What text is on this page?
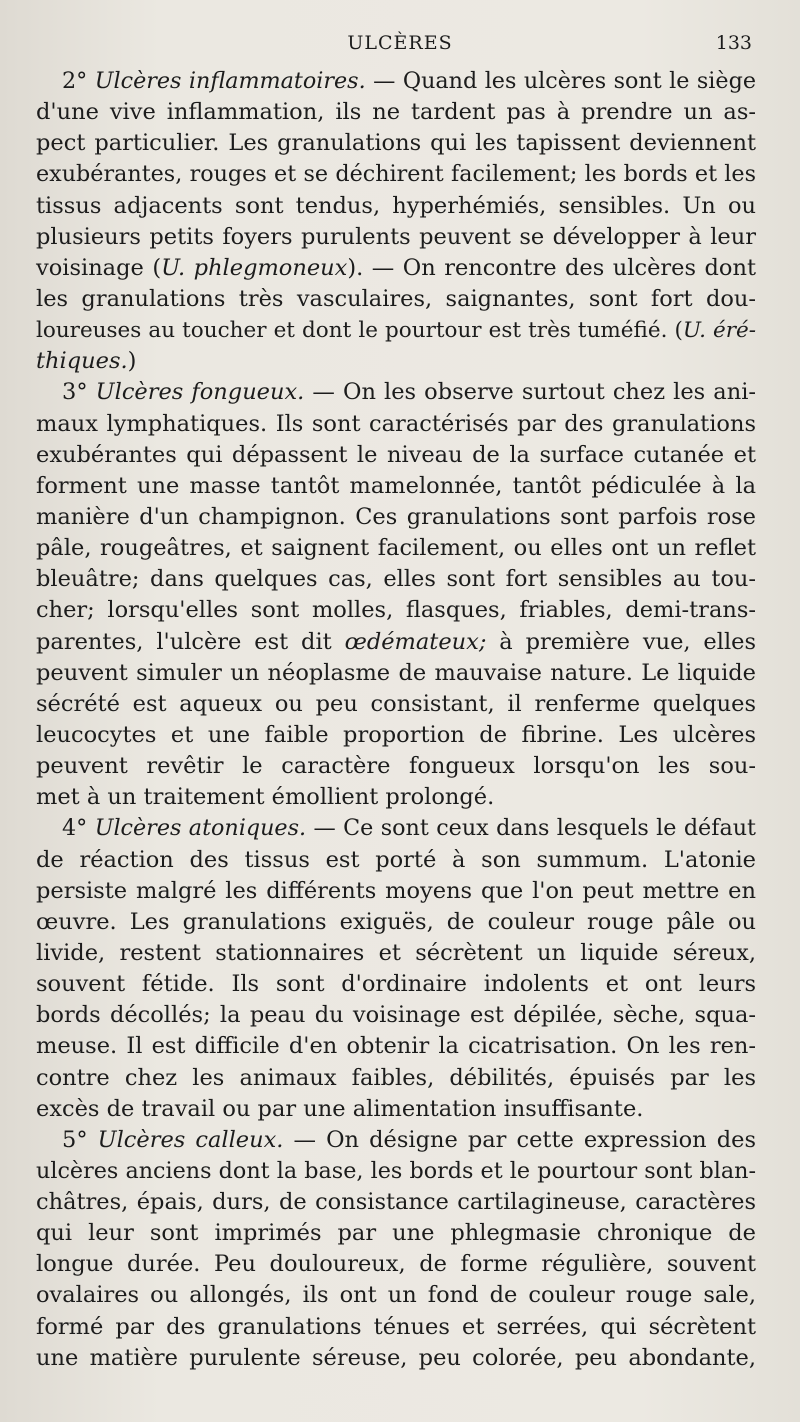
ULCÈRES	133
2° Ulcères inflammatoires. — Quand les ulcères sont le siège
d'une vive inflammation, ils ne tardent pas à prendre un as-
pect particulier. Les granulations qui les tapissent deviennent
exubérantes, rouges et se déchirent facilement; les bords et les
tissus adjacents sont tendus, hyperhémiés, sensibles. Un ou
plusieurs petits foyers purulents peuvent se développer à leur
voisinage (U. phlegmoneux). — On rencontre des ulcères dont
les granulations très vasculaires, saignantes, sont fort dou-
loureuses au toucher et dont le pourtour est très tuméfié. (U. éré-
thiques.)
3° Ulcères fongueux. — On les observe surtout chez les ani-
maux lymphatiques. Ils sont caractérisés par des granulations
exubérantes qui dépassent le niveau de la surface cutanée et
forment une masse tantôt mamelonnée, tantôt pédiculée à la
manière d'un champignon. Ces granulations sont parfois rose
pâle, rougeâtres, et saignent facilement, ou elles ont un reflet
bleuâtre; dans quelques cas, elles sont fort sensibles au tou-
cher; lorsqu'elles sont molles, flasques, friables, demi-trans-
parentes, l'ulcère est dit œdémateux; à première vue, elles
peuvent simuler un néoplasme de mauvaise nature. Le liquide
sécrété est aqueux ou peu consistant, il renferme quelques
leucocytes et une faible proportion de fibrine. Les ulcères
peuvent revêtir le caractère fongueux lorsqu'on les sou-
met à un traitement émollient prolongé.
4° Ulcères atoniques. — Ce sont ceux dans lesquels le défaut
de réaction des tissus est porté à son summum. L'atonie
persiste malgré les différents moyens que l'on peut mettre en
œuvre. Les granulations exiguës, de couleur rouge pâle ou
livide, restent stationnaires et sécrètent un liquide séreux,
souvent fétide. Ils sont d'ordinaire indolents et ont leurs
bords décollés; la peau du voisinage est dépilée, sèche, squa-
meuse. Il est difficile d'en obtenir la cicatrisation. On les ren-
contre chez les animaux faibles, débilités, épuisés par les
excès de travail ou par une alimentation insuffisante.
5° Ulcères calleux. — On désigne par cette expression des
ulcères anciens dont la base, les bords et le pourtour sont blan-
châtres, épais, durs, de consistance cartilagineuse, caractères
qui leur sont imprimés par une phlegmasie chronique de
longue durée. Peu douloureux, de forme régulière, souvent
ovalaires ou allongés, ils ont un fond de couleur rouge sale,
formé par des granulations ténues et serrées, qui sécrètent
une matière purulente séreuse, peu colorée, peu abondante,
